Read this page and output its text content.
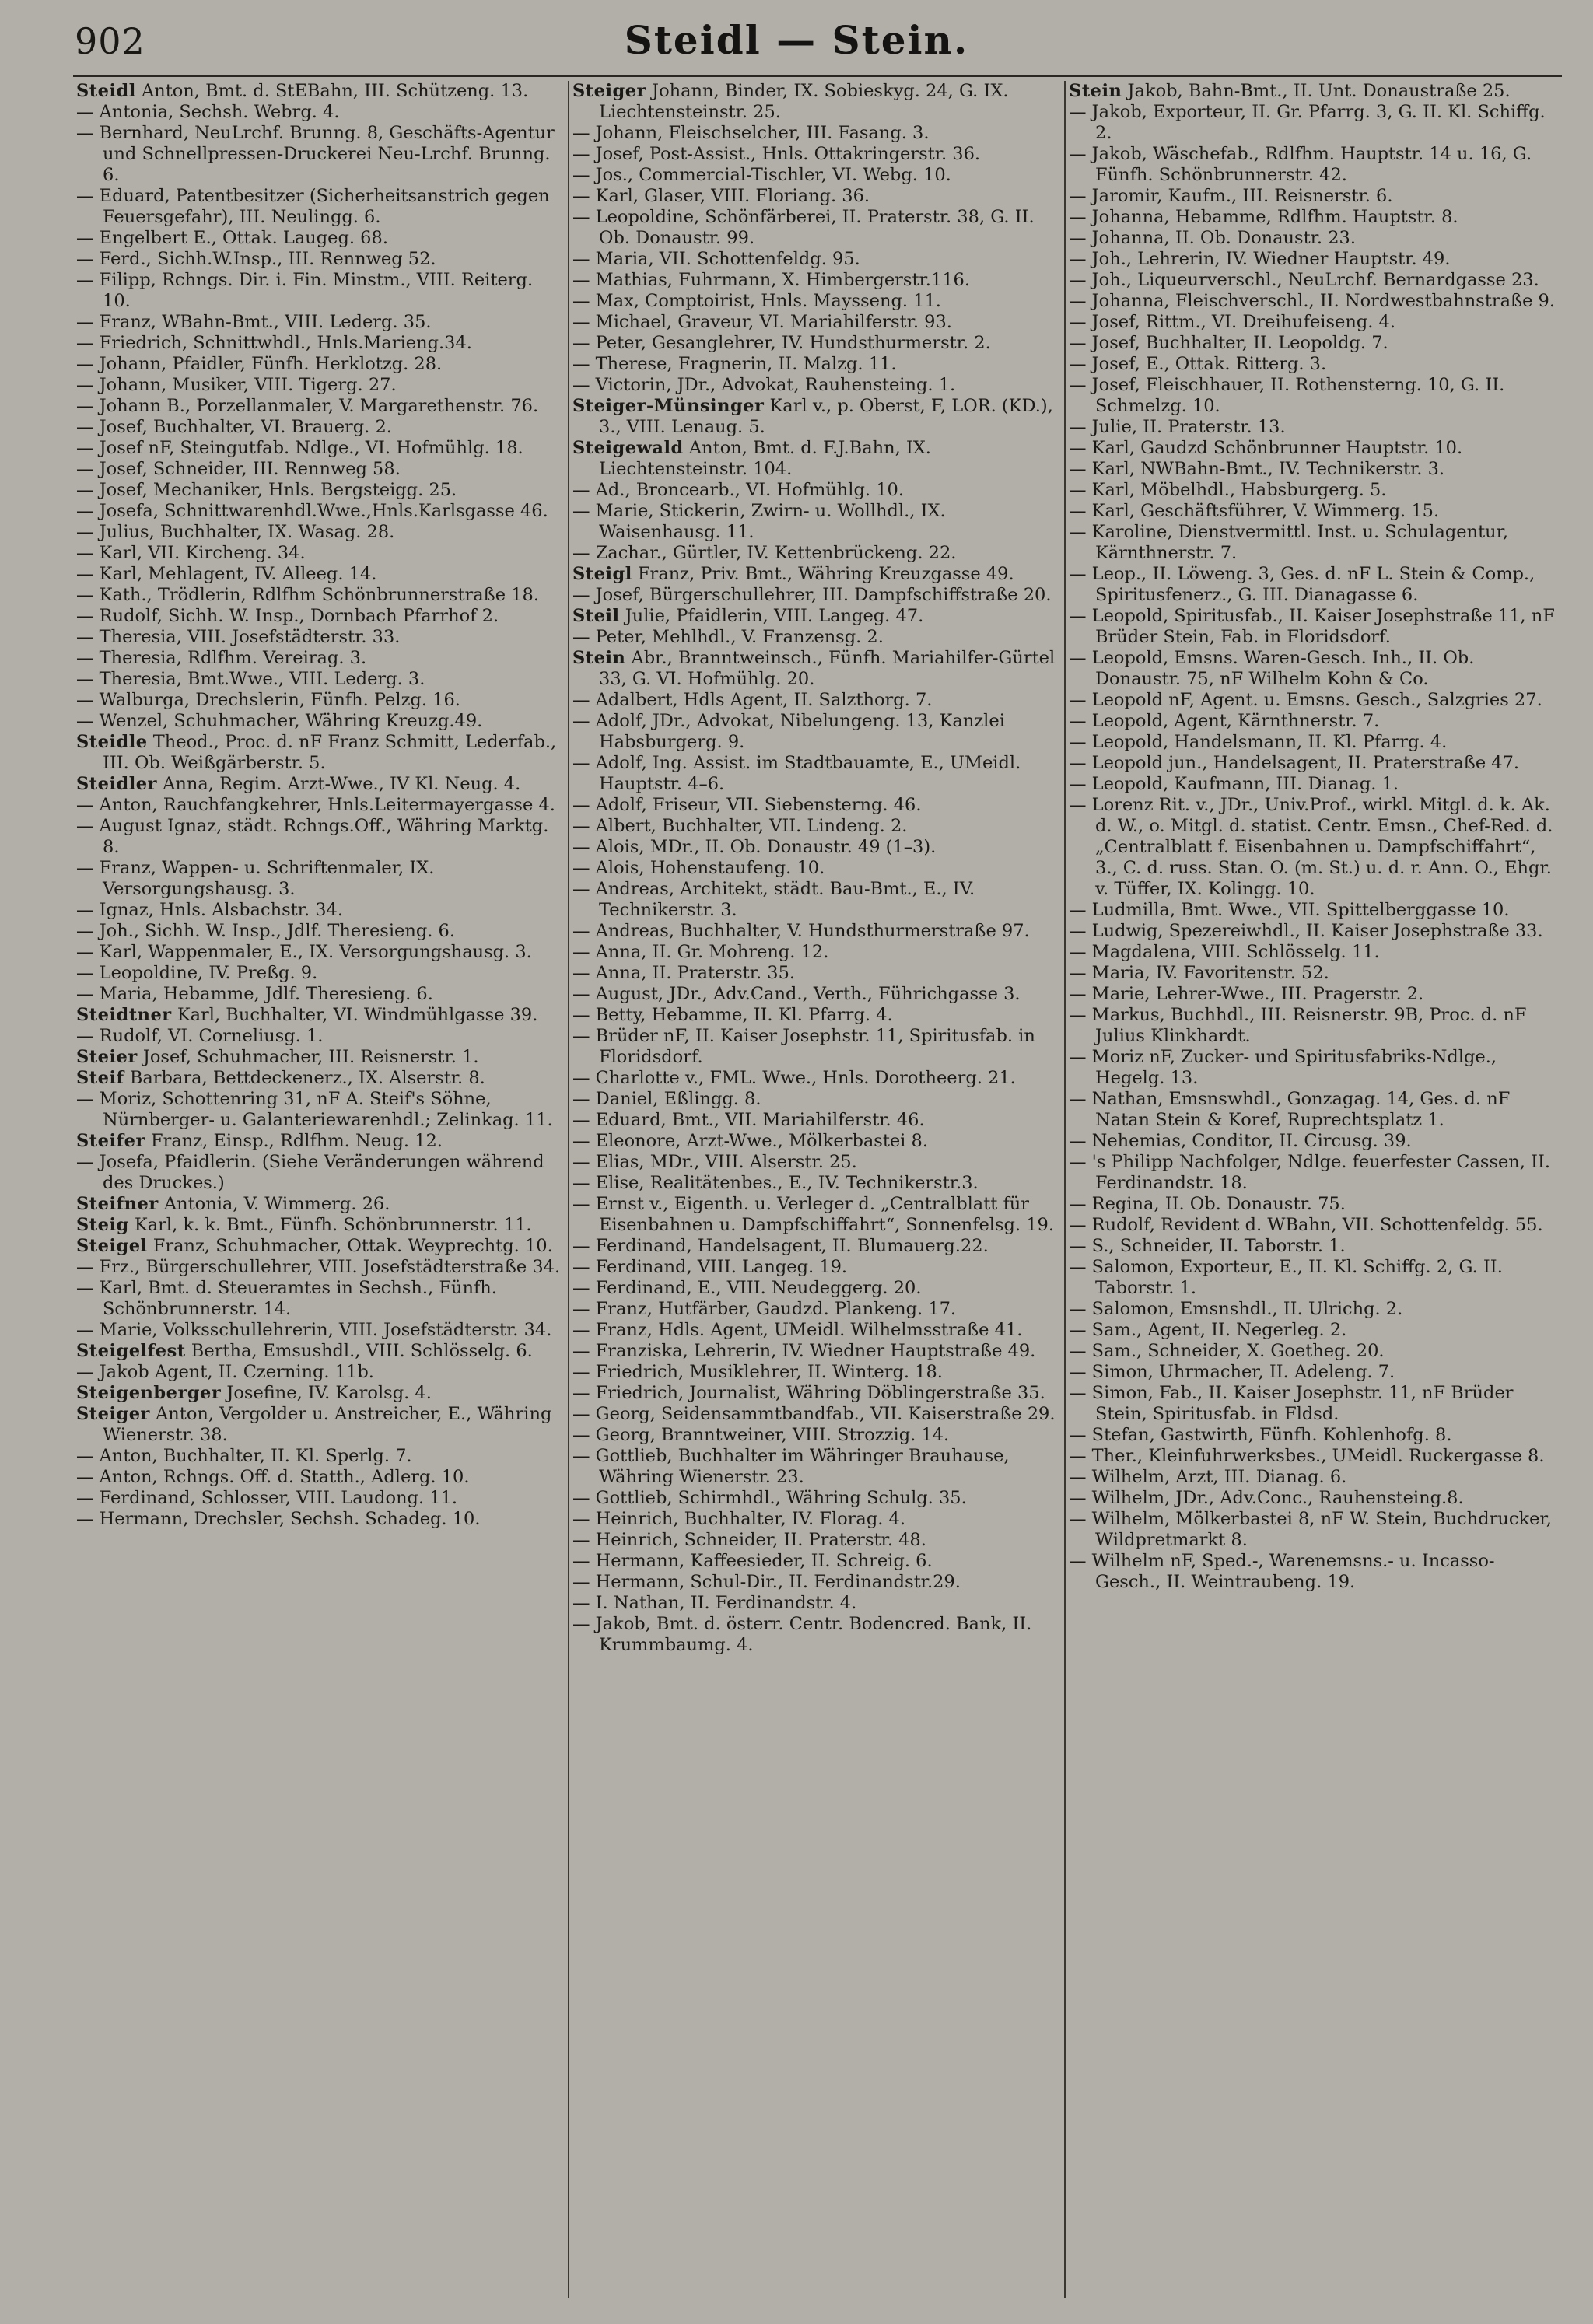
902	Steidl — Stein.

Steidl Anton, Bmt. d. StEBahn, III. Schützeng. 13.

— Antonia, Sechsh. Webrg. 4.

— Bernhard, NeuLrchf. Brunng. 8, Geschäfts-Agentur und Schnellpressen-Druckerei Neu-Lrchf. Brunng. 6.

— Eduard, Patentbesitzer (Sicherheitsanstrich gegen Feuersgefahr), III. Neulingg. 6.

— Engelbert E., Ottak. Laugeg. 68.

— Ferd., Sichh.W.Insp., III. Rennweg 52.

— Filipp, Rchngs. Dir. i. Fin. Minstm., VIII. Reiterg. 10.

— Franz, WBahn-Bmt., VIII. Lederg. 35.

— Friedrich, Schnittwhdl., Hnls.Marieng.34.

— Johann, Pfaidler, Fünfh. Herklotzg. 28.

— Johann, Musiker, VIII. Tigerg. 27.

— Johann B., Porzellanmaler, V. Margarethenstr. 76.

— Josef, Buchhalter, VI. Brauerg. 2.

— Josef nF, Steingutfab. Ndlge., VI. Hofmühlg. 18.

— Josef, Schneider, III. Rennweg 58.

— Josef, Mechaniker, Hnls. Bergsteigg. 25.

— Josefa, Schnittwarenhdl.Wwe.,Hnls.Karlsgasse 46.

— Julius, Buchhalter, IX. Wasag. 28.

— Karl, VII. Kircheng. 34.

— Karl, Mehlagent, IV. Alleeg. 14.

— Kath., Trödlerin, Rdlfhm Schönbrunnerstraße 18.

— Rudolf, Sichh. W. Insp., Dornbach Pfarrhof 2.

— Theresia, VIII. Josefstädterstr. 33.

— Theresia, Rdlfhm. Vereirag. 3.

— Theresia, Bmt.Wwe., VIII. Lederg. 3.

— Walburga, Drechslerin, Fünfh. Pelzg. 16.

— Wenzel, Schuhmacher, Währing Kreuzg.49.

Steidle Theod., Proc. d. nF Franz Schmitt, Lederfab., III. Ob. Weißgärberstr. 5.

Steidler Anna, Regim. Arzt-Wwe., IV Kl. Neug. 4.

— Anton, Rauchfangkehrer, Hnls.Leitermayergasse 4.

— August Ignaz, städt. Rchngs.Off., Währing Marktg. 8.

— Franz, Wappen- u. Schriftenmaler, IX. Versorgungshausg. 3.

— Ignaz, Hnls. Alsbachstr. 34.

— Joh., Sichh. W. Insp., Jdlf. Theresieng. 6.

— Karl, Wappenmaler, E., IX. Versorgungshausg. 3.

— Leopoldine, IV. Preßg. 9.

— Maria, Hebamme, Jdlf. Theresieng. 6.

Steidtner Karl, Buchhalter, VI. Windmühlgasse 39.

— Rudolf, VI. Corneliusg. 1.

Steier Josef, Schuhmacher, III. Reisnerstr. 1.

Steif Barbara, Bettdeckenerz., IX. Alserstr. 8.

— Moriz, Schottenring 31, nF A. Steif's Söhne, Nürnberger- u. Galanteriewarenhdl.; Zelinkag. 11.

Steifer Franz, Einsp., Rdlfhm. Neug. 12.

— Josefa, Pfaidlerin. (Siehe Veränderungen während des Druckes.)

Steifner Antonia, V. Wimmerg. 26.

Steig Karl, k. k. Bmt., Fünfh. Schönbrunnerstr. 11.

Steigel Franz, Schuhmacher, Ottak. Weyprechtg. 10.

— Frz., Bürgerschullehrer, VIII. Josefstädterstraße 34.

— Karl, Bmt. d. Steueramtes in Sechsh., Fünfh. Schönbrunnerstr. 14.

— Marie, Volksschullehrerin, VIII. Josefstädterstr. 34.

Steigelfest Bertha, Emsushdl., VIII. Schlösselg. 6.

— Jakob Agent, II. Czerning. 11b.

Steigenberger Josefine, IV. Karolsg. 4.

Steiger Anton, Vergolder u. Anstreicher, E., Währing Wienerstr. 38.

— Anton, Buchhalter, II. Kl. Sperlg. 7.

— Anton, Rchngs. Off. d. Statth., Adlerg. 10.

— Ferdinand, Schlosser, VIII. Laudong. 11.

— Hermann, Drechsler, Sechsh. Schadeg. 10.

Steiger Johann, Binder, IX. Sobieskyg. 24, G. IX. Liechtensteinstr. 25.

— Johann, Fleischselcher, III. Fasang. 3.

— Josef, Post-Assist., Hnls. Ottakringerstr. 36.

— Jos., Commercial-Tischler, VI. Webg. 10.

— Karl, Glaser, VIII. Floriang. 36.

— Leopoldine, Schönfärberei, II. Praterstr. 38, G. II. Ob. Donaustr. 99.

— Maria, VII. Schottenfeldg. 95.

— Mathias, Fuhrmann, X. Himbergerstr.116.

— Max, Comptoirist, Hnls. Maysseng. 11.

— Michael, Graveur, VI. Mariahilferstr. 93.

— Peter, Gesanglehrer, IV. Hundsthurmerstr. 2.

— Therese, Fragnerin, II. Malzg. 11.

— Victorin, JDr., Advokat, Rauhensteing. 1.

Steiger-Münsinger Karl v., p. Oberst, F, LOR. (KD.), 3., VIII. Lenaug. 5.

Steigewald Anton, Bmt. d. F.J.Bahn, IX. Liechtensteinstr. 104.

— Ad., Broncearb., VI. Hofmühlg. 10.

— Marie, Stickerin, Zwirn- u. Wollhdl., IX. Waisenhausg. 11.

— Zachar., Gürtler, IV. Kettenbrückeng. 22.

Steigl Franz, Priv. Bmt., Währing Kreuzgasse 49.

— Josef, Bürgerschullehrer, III. Dampfschiffstraße 20.

Steil Julie, Pfaidlerin, VIII. Langeg. 47.

— Peter, Mehlhdl., V. Franzensg. 2.

Stein Abr., Branntweinsch., Fünfh. Mariahilfer-Gürtel 33, G. VI. Hofmühlg. 20.

— Adalbert, Hdls Agent, II. Salzthorg. 7.

— Adolf, JDr., Advokat, Nibelungeng. 13, Kanzlei Habsburgerg. 9.

— Adolf, Ing. Assist. im Stadtbauamte, E., UMeidl. Hauptstr. 4–6.

— Adolf, Friseur, VII. Siebensterng. 46.

— Albert, Buchhalter, VII. Lindeng. 2.

— Alois, MDr., II. Ob. Donaustr. 49 (1–3).

— Alois, Hohenstaufeng. 10.

— Andreas, Architekt, städt. Bau-Bmt., E., IV. Technikerstr. 3.

— Andreas, Buchhalter, V. Hundsthurmerstraße 97.

— Anna, II. Gr. Mohreng. 12.

— Anna, II. Praterstr. 35.

— August, JDr., Adv.Cand., Verth., Führichgasse 3.

— Betty, Hebamme, II. Kl. Pfarrg. 4.

— Brüder nF, II. Kaiser Josephstr. 11, Spiritusfab. in Floridsdorf.

— Charlotte v., FML. Wwe., Hnls. Dorotheerg. 21.

— Daniel, Eßlingg. 8.

— Eduard, Bmt., VII. Mariahilferstr. 46.

— Eleonore, Arzt-Wwe., Mölkerbastei 8.

— Elias, MDr., VIII. Alserstr. 25.

— Elise, Realitätenbes., E., IV. Technikerstr.3.

— Ernst v., Eigenth. u. Verleger d. „Centralblatt für Eisenbahnen u. Dampfschiffahrt“, Sonnenfelsg. 19.

— Ferdinand, Handelsagent, II. Blumauerg.22.

— Ferdinand, VIII. Langeg. 19.

— Ferdinand, E., VIII. Neudeggerg. 20.

— Franz, Hutfärber, Gaudzd. Plankeng. 17.

— Franz, Hdls. Agent, UMeidl. Wilhelmsstraße 41.

— Franziska, Lehrerin, IV. Wiedner Hauptstraße 49.

— Friedrich, Musiklehrer, II. Winterg. 18.

— Friedrich, Journalist, Währing Döblingerstraße 35.

— Georg, Seidensammtbandfab., VII. Kaiserstraße 29.

— Georg, Branntweiner, VIII. Strozzig. 14.

— Gottlieb, Buchhalter im Währinger Brauhause, Währing Wienerstr. 23.

— Gottlieb, Schirmhdl., Währing Schulg. 35.

— Heinrich, Buchhalter, IV. Florag. 4.

— Heinrich, Schneider, II. Praterstr. 48.

— Hermann, Kaffeesieder, II. Schreig. 6.

— Hermann, Schul-Dir., II. Ferdinandstr.29.

— I. Nathan, II. Ferdinandstr. 4.

— Jakob, Bmt. d. österr. Centr. Bodencred. Bank, II. Krummbaumg. 4.

Stein Jakob, Bahn-Bmt., II. Unt. Donaustraße 25.

— Jakob, Exporteur, II. Gr. Pfarrg. 3, G. II. Kl. Schiffg. 2.

— Jakob, Wäschefab., Rdlfhm. Hauptstr. 14 u. 16, G. Fünfh. Schönbrunnerstr. 42.

— Jaromir, Kaufm., III. Reisnerstr. 6.

— Johanna, Hebamme, Rdlfhm. Hauptstr. 8.

— Johanna, II. Ob. Donaustr. 23.

— Joh., Lehrerin, IV. Wiedner Hauptstr. 49.

— Joh., Liqueurverschl., NeuLrchf. Bernardgasse 23.

— Johanna, Fleischverschl., II. Nordwestbahnstraße 9.

— Josef, Rittm., VI. Dreihufeiseng. 4.

— Josef, Buchhalter, II. Leopoldg. 7.

— Josef, E., Ottak. Ritterg. 3.

— Josef, Fleischhauer, II. Rothensterng. 10, G. II. Schmelzg. 10.

— Julie, II. Praterstr. 13.

— Karl, Gaudzd Schönbrunner Hauptstr. 10.

— Karl, NWBahn-Bmt., IV. Technikerstr. 3.

— Karl, Möbelhdl., Habsburgerg. 5.

— Karl, Geschäftsführer, V. Wimmerg. 15.

— Karoline, Dienstvermittl. Inst. u. Schulagentur, Kärnthnerstr. 7.

— Leop., II. Löweng. 3, Ges. d. nF L. Stein & Comp., Spiritusfenerz., G. III. Dianagasse 6.

— Leopold, Spiritusfab., II. Kaiser Josephstraße 11, nF Brüder Stein, Fab. in Floridsdorf.

— Leopold, Emsns. Waren-Gesch. Inh., II. Ob. Donaustr. 75, nF Wilhelm Kohn & Co.

— Leopold nF, Agent. u. Emsns. Gesch., Salzgries 27.

— Leopold, Agent, Kärnthnerstr. 7.

— Leopold, Handelsmann, II. Kl. Pfarrg. 4.

— Leopold jun., Handelsagent, II. Praterstraße 47.

— Leopold, Kaufmann, III. Dianag. 1.

— Lorenz Rit. v., JDr., Univ.Prof., wirkl. Mitgl. d. k. Ak. d. W., o. Mitgl. d. statist. Centr. Emsn., Chef-Red. d. „Centralblatt f. Eisenbahnen u. Dampfschiffahrt“, 3., C. d. russ. Stan. O. (m. St.) u. d. r. Ann. O., Ehgr. v. Tüffer, IX. Kolingg. 10.

— Ludmilla, Bmt. Wwe., VII. Spittelberggasse 10.

— Ludwig, Spezereiwhdl., II. Kaiser Josephstraße 33.

— Magdalena, VIII. Schlösselg. 11.

— Maria, IV. Favoritenstr. 52.

— Marie, Lehrer-Wwe., III. Pragerstr. 2.

— Markus, Buchhdl., III. Reisnerstr. 9B, Proc. d. nF Julius Klinkhardt.

— Moriz nF, Zucker- und Spiritusfabriks-Ndlge., Hegelg. 13.

— Nathan, Emsnswhdl., Gonzagag. 14, Ges. d. nF Natan Stein & Koref, Ruprechtsplatz 1.

— Nehemias, Conditor, II. Circusg. 39.

— 's Philipp Nachfolger, Ndlge. feuerfester Cassen, II. Ferdinandstr. 18.

— Regina, II. Ob. Donaustr. 75.

— Rudolf, Revident d. WBahn, VII. Schottenfeldg. 55.

— S., Schneider, II. Taborstr. 1.

— Salomon, Exporteur, E., II. Kl. Schiffg. 2, G. II. Taborstr. 1.

— Salomon, Emsnshdl., II. Ulrichg. 2.

— Sam., Agent, II. Negerleg. 2.

— Sam., Schneider, X. Goetheg. 20.

— Simon, Uhrmacher, II. Adeleng. 7.

— Simon, Fab., II. Kaiser Josephstr. 11, nF Brüder Stein, Spiritusfab. in Fldsd.

— Stefan, Gastwirth, Fünfh. Kohlenhofg. 8.

— Ther., Kleinfuhrwerksbes., UMeidl. Ruckergasse 8.

— Wilhelm, Arzt, III. Dianag. 6.

— Wilhelm, JDr., Adv.Conc., Rauhensteing.8.

— Wilhelm, Mölkerbastei 8, nF W. Stein, Buchdrucker, Wildpretmarkt 8.

— Wilhelm nF, Sped.-, Warenemsns.- u. Incasso-Gesch., II. Weintraubeng. 19.
